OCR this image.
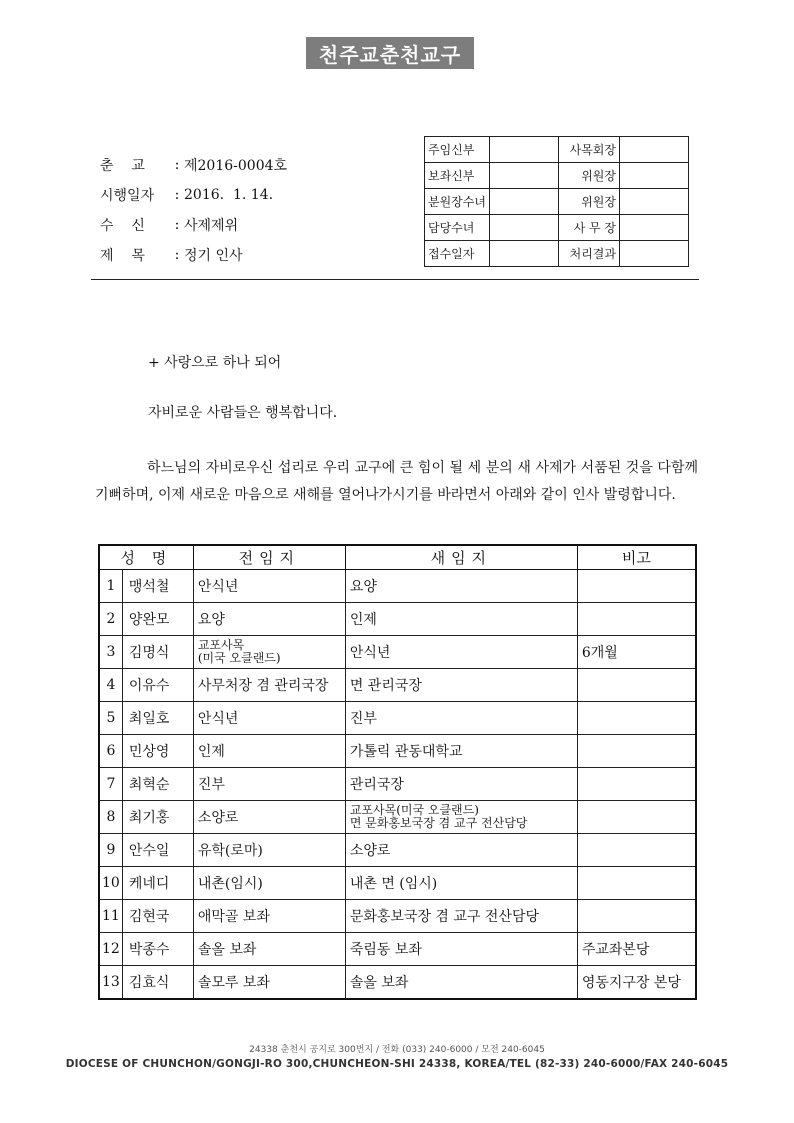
천주교춘천교구
춘    교	: 제2016-0004호
시행일자	: 2016.  1. 14.
수    신	: 사제제위
제    목	: 정기 인사
주임신부		사목회장	
보좌신부		위원장	
분원장수녀		위원장	
담당수녀		사 무 장	
접수일자		처리결과	
+ 사랑으로 하나 되어
자비로운 사람들은 행복합니다.
하느님의 자비로우신 섭리로 우리 교구에 큰 힘이 될 세 분의 새 사제가 서품된 것을 다함께 기뻐하며, 이제 새로운 마음으로 새해를 열어나가시기를 바라면서 아래와 같이 인사 발령합니다.
성 명		전임지	새임지	비고
1	맹석철	안식년	요양	
2	양완모	요양	인제	
3	김명식	교포사목
(미국 오클랜드)	안식년	6개월
4	이유수	사무처장 겸 관리국장	면 관리국장	
5	최일호	안식년	진부	
6	민상영	인제	가톨릭 관동대학교	
7	최혁순	진부	관리국장	
8	최기홍	소양로	교포사목(미국 오클랜드)
면 문화홍보국장 겸 교구 전산담당	
9	안수일	유학(로마)	소양로	
10	케네디	내촌(임시)	내촌 면 (임시)	
11	김현국	애막골 보좌	문화홍보국장 겸 교구 전산담당	
12	박종수	솔올 보좌	죽림동 보좌	주교좌본당
13	김효식	솔모루 보좌	솔올 보좌	영동지구장 본당
24338 춘천시 공지로 300번지 / 전화 (033) 240-6000 / 모전 240-6045
DIOCESE OF CHUNCHON/GONGJI-RO 300,CHUNCHEON-SHI 24338, KOREA/TEL (82-33) 240-6000/FAX 240-6045
